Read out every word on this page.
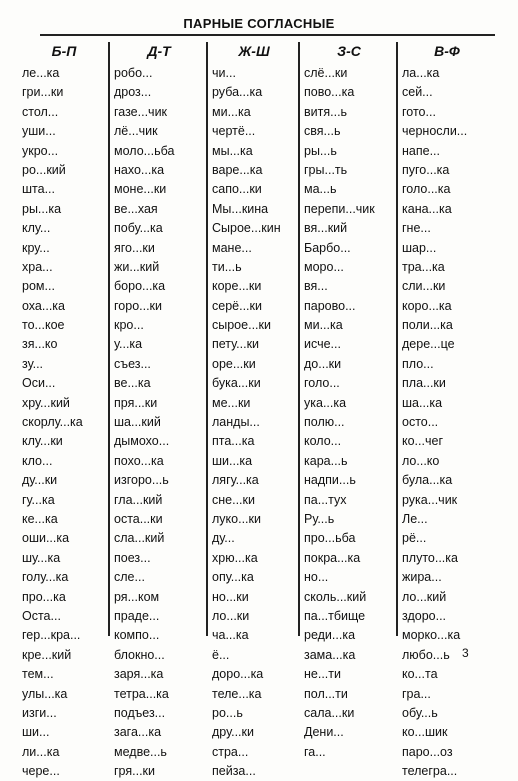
ПАРНЫЕ СОГЛАСНЫЕ
Б-П
ле...ка
гри...ки
стол...
уши...
укро...
ро...кий
шта...
ры...ка
клу...
кру...
хра...
ром...
оха...ка
то...кое
зя...ко
зу...
Оси...
хру...кий
скорлу...ка
клу...ки
кло...
ду...ки
гу...ка
ке...ка
оши...ка
шу...ка
голу...ка
про...ка
Оста...
гер...кра...
кре...кий
тем...
улы...ка
изги...
ши...
ли...ка
чере...
Д-Т
робо...
дроз...
газе...чик
лё...чик
моло...ьба
нахо...ка
моне...ки
ве...хая
побу...ка
яго...ки
жи...кий
боро...ка
горо...ки
кро...
у...ка
съез...
ве...ка
пря...ки
ша...кий
дымохо...
похо...ка
изгоро...ь
гла...кий
оста...ки
сла...кий
поез...
сле...
ря...ком
праде...
компо...
блокно...
заря...ка
тетра...ка
подъез...
зага...ка
медве...ь
гря...ки
Ж-Ш
чи...
руба...ка
ми...ка
чертё...
мы...ка
варе...ка
сапо...ки
Мы...кина
Сырое...кин
мане...
ти...ь
коре...ки
серё...ки
сырое...ки
пету...ки
оре...ки
бука...ки
ме...ки
ланды...
пта...ка
ши...ка
лягу...ка
сне...ки
луко...ки
ду...
хрю...ка
опу...ка
но...ки
ло...ки
ча...ка
ё...
доро...ка
теле...ка
ро...ь
дру...ки
стра...
пейза...
З-С
слё...ки
пово...ка
витя...ь
свя...ь
ры...ь
гры...ть
ма...ь
перепи...чик
вя...кий
Барбо...
моро...
вя...
парово...
ми...ка
исче...
до...ки
голо...
ука...ка
полю...
коло...
кара...ь
надпи...ь
па...тух
Ру...ь
про...ьба
покра...ка
но...
сколь...кий
па...тбище
реди...ка
зама...ка
не...ти
пол...ти
сала...ки
Дени...
га...
В-Ф
ла...ка
сей...
гото...
черносли...
напе...
пуго...ка
голо...ка
кана...ка
гне...
шар...
тра...ка
сли...ки
коро...ка
поли...ка
дере...це
пло...
пла...ки
ша...ка
осто...
ко...чег
ло...ко
була...ка
рука...чик
Ле...
рё...
плуто...ка
жира...
ло...кий
здоро...
морко...ка
любо...ь
ко...та
гра...
обу...ь
ко...шик
паро...оз
телегра...
3
